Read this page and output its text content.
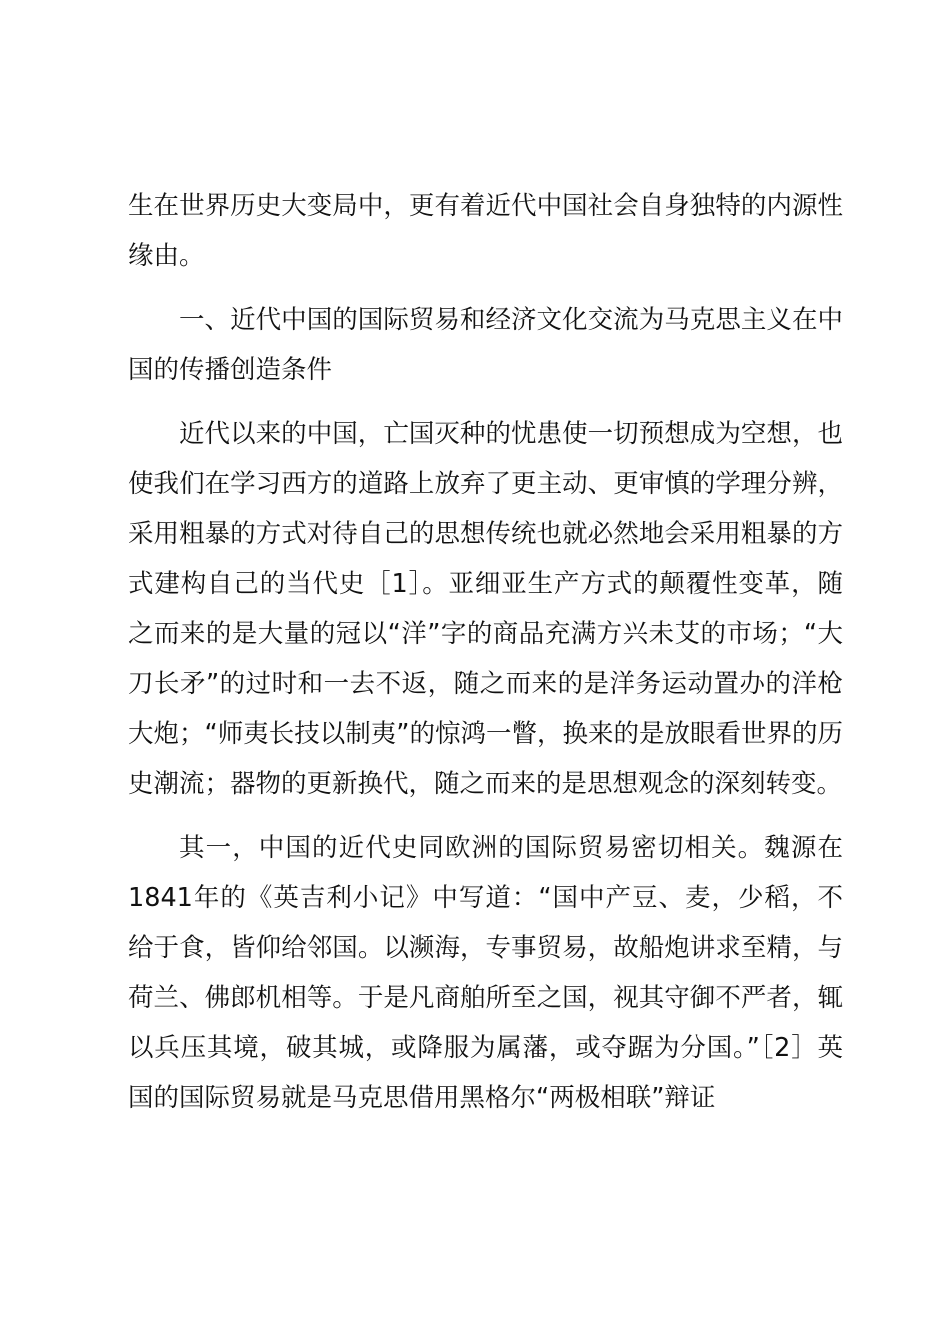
生在世界历史大变局中，更有着近代中国社会自身独特的内源性缘由。

一、近代中国的国际贸易和经济文化交流为马克思主义在中国的传播创造条件

近代以来的中国，亡国灭种的忧患使一切预想成为空想，也使我们在学习西方的道路上放弃了更主动、更审慎的学理分辨，采用粗暴的方式对待自己的思想传统也就必然地会采用粗暴的方式建构自己的当代史［1］。亚细亚生产方式的颠覆性变革，随之而来的是大量的冠以“洋”字的商品充满方兴未艾的市场；“大刀长矛”的过时和一去不返，随之而来的是洋务运动置办的洋枪大炮；“师夷长技以制夷”的惊鸿一瞥，换来的是放眼看世界的历史潮流；器物的更新换代，随之而来的是思想观念的深刻转变。

其一，中国的近代史同欧洲的国际贸易密切相关。魏源在1841年的《英吉利小记》中写道：“国中产豆、麦，少稻，不给于食，皆仰给邻国。以濒海，专事贸易，故船炮讲求至精，与荷兰、佛郎机相等。于是凡商舶所至之国，视其守御不严者，辄以兵压其境，破其城，或降服为属藩，或夺踞为分国。”［2］英国的国际贸易就是马克思借用黑格尔“两极相联”辩证
